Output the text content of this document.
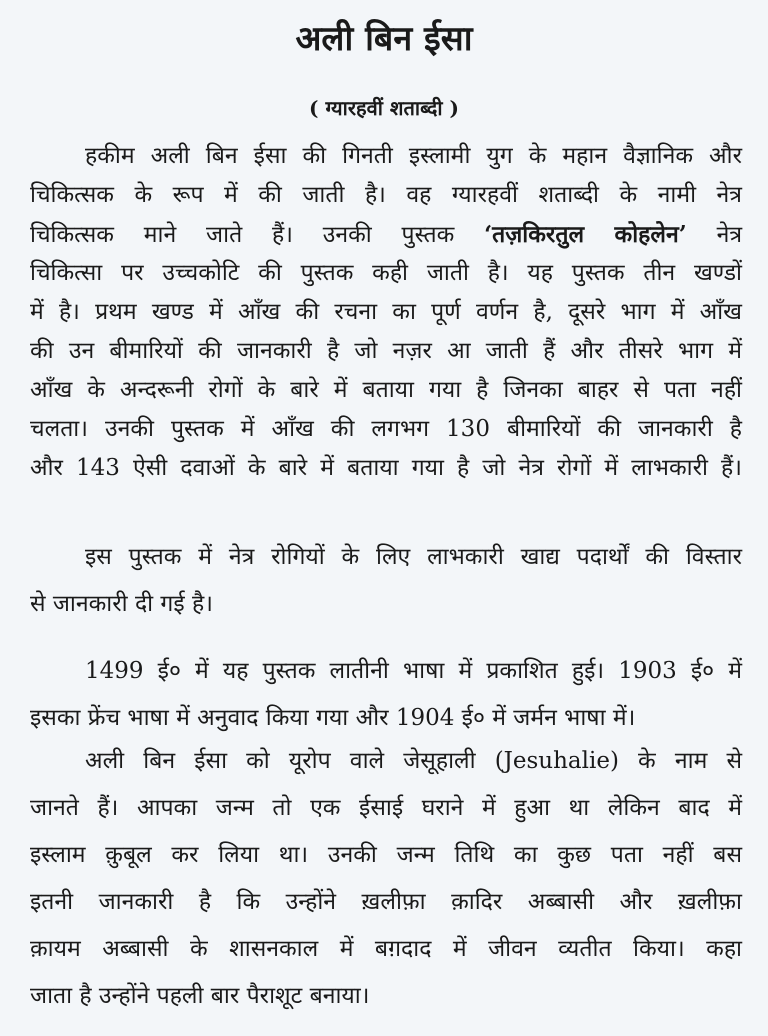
अली बिन ईसा
( ग्यारहवीं शताब्दी )
हकीम अली बिन ईसा की गिनती इस्लामी युग के महान वैज्ञानिक और
चिकित्सक के रूप में की जाती है। वह ग्यारहवीं शताब्दी के नामी नेत्र
चिकित्सक माने जाते हैं। उनकी पुस्तक ‘तज़किरतुल कोहलेन’ नेत्र
चिकित्सा पर उच्चकोटि की पुस्तक कही जाती है। यह पुस्तक तीन खण्डों
में है। प्रथम खण्ड में आँख की रचना का पूर्ण वर्णन है, दूसरे भाग में आँख
की उन बीमारियों की जानकारी है जो नज़र आ जाती हैं और तीसरे भाग में
आँख के अन्दरूनी रोगों के बारे में बताया गया है जिनका बाहर से पता नहीं
चलता। उनकी पुस्तक में आँख की लगभग 130 बीमारियों की जानकारी है
और 143 ऐसी दवाओं के बारे में बताया गया है जो नेत्र रोगों में लाभकारी हैं।
इस पुस्तक में नेत्र रोगियों के लिए लाभकारी खाद्य पदार्थों की विस्तार
से जानकारी दी गई है।
1499 ई० में यह पुस्तक लातीनी भाषा में प्रकाशित हुई। 1903 ई० में
इसका फ्रेंच भाषा में अनुवाद किया गया और 1904 ई० में जर्मन भाषा में।
अली बिन ईसा को यूरोप वाले जेसूहाली (Jesuhalie) के नाम से
जानते हैं। आपका जन्म तो एक ईसाई घराने में हुआ था लेकिन बाद में
इस्लाम क़ुबूल कर लिया था। उनकी जन्म तिथि का कुछ पता नहीं बस
इतनी जानकारी है कि उन्होंने ख़लीफ़ा क़ादिर अब्बासी और ख़लीफ़ा
क़ायम अब्बासी के शासनकाल में बग़दाद में जीवन व्यतीत किया। कहा
जाता है उन्होंने पहली बार पैराशूट बनाया।
